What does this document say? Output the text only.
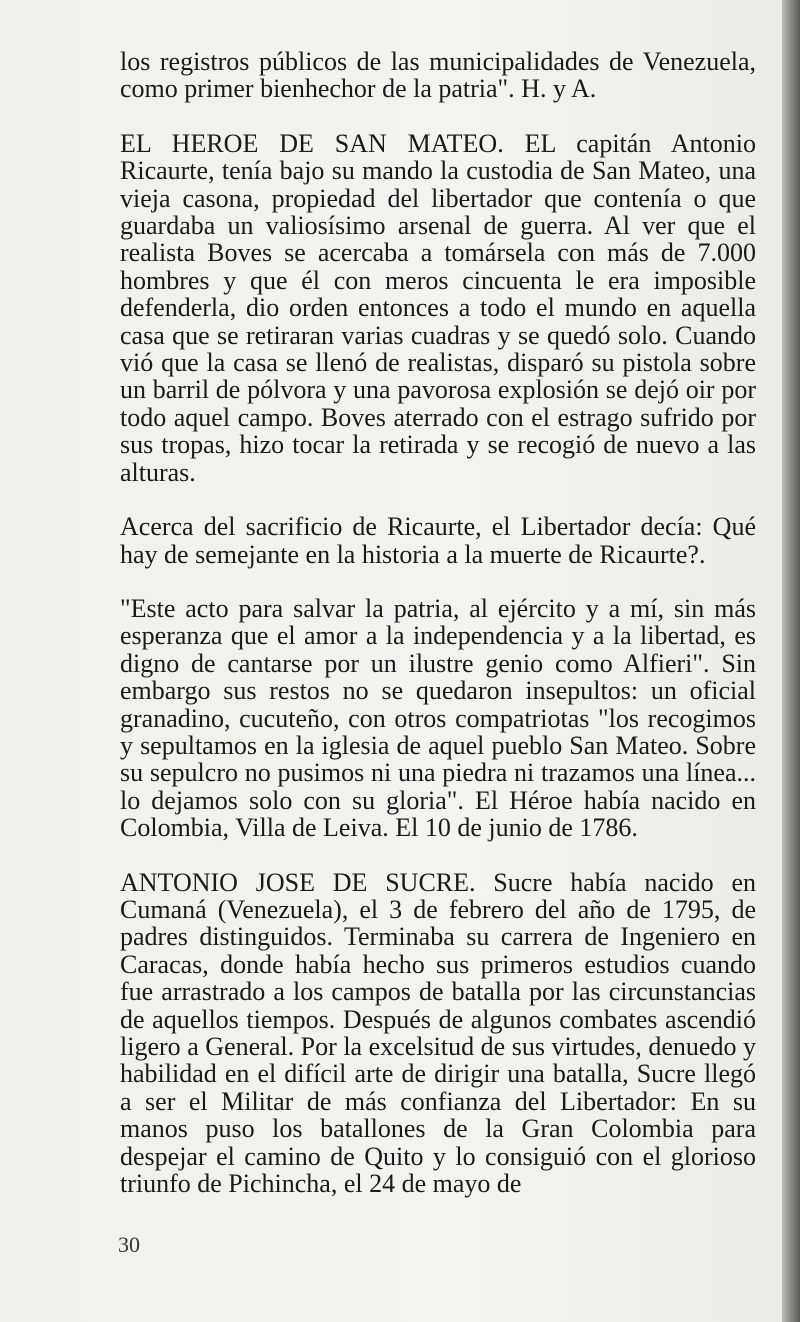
los registros públicos de las municipalidades de Venezuela, como primer bienhechor de la patria". H. y A.

EL HEROE DE SAN MATEO. EL capitán Antonio Ricaurte, tenía bajo su mando la custodia de San Mateo, una vieja casona, propiedad del libertador que contenía o que guardaba un valiosísimo arsenal de guerra. Al ver que el realista Boves se acercaba a tomársela con más de 7.000 hombres y que él con meros cincuenta le era imposible defenderla, dio orden entonces a todo el mundo en aquella casa que se retiraran varias cuadras y se quedó solo. Cuando vió que la casa se llenó de realistas, disparó su pistola sobre un barril de pólvora y una pavorosa explosión se dejó oir por todo aquel campo. Boves aterrado con el estrago sufrido por sus tropas, hizo tocar la retirada y se recogió de nuevo a las alturas.

Acerca del sacrificio de Ricaurte, el Libertador decía: Qué hay de semejante en la historia a la muerte de Ricaurte?.

"Este acto para salvar la patria, al ejército y a mí, sin más esperanza que el amor a la independencia y a la libertad, es digno de cantarse por un ilustre genio como Alfieri". Sin embargo sus restos no se quedaron insepultos: un oficial granadino, cucuteño, con otros compatriotas "los recogimos y sepultamos en la iglesia de aquel pueblo San Mateo. Sobre su sepulcro no pusimos ni una piedra ni trazamos una línea... lo dejamos solo con su gloria". El Héroe había nacido en Colombia, Villa de Leiva. El 10 de junio de 1786.

ANTONIO JOSE DE SUCRE. Sucre había nacido en Cumaná (Venezuela), el 3 de febrero del año de 1795, de padres distinguidos. Terminaba su carrera de Ingeniero en Caracas, donde había hecho sus primeros estudios cuando fue arrastrado a los campos de batalla por las circunstancias de aquellos tiempos. Después de algunos combates ascendió ligero a General. Por la excelsitud de sus virtudes, denuedo y habilidad en el difícil arte de dirigir una batalla, Sucre llegó a ser el Militar de más confianza del Libertador: En su manos puso los batallones de la Gran Colombia para despejar el camino de Quito y lo consiguió con el glorioso triunfo de Pichincha, el 24 de mayo de

30
